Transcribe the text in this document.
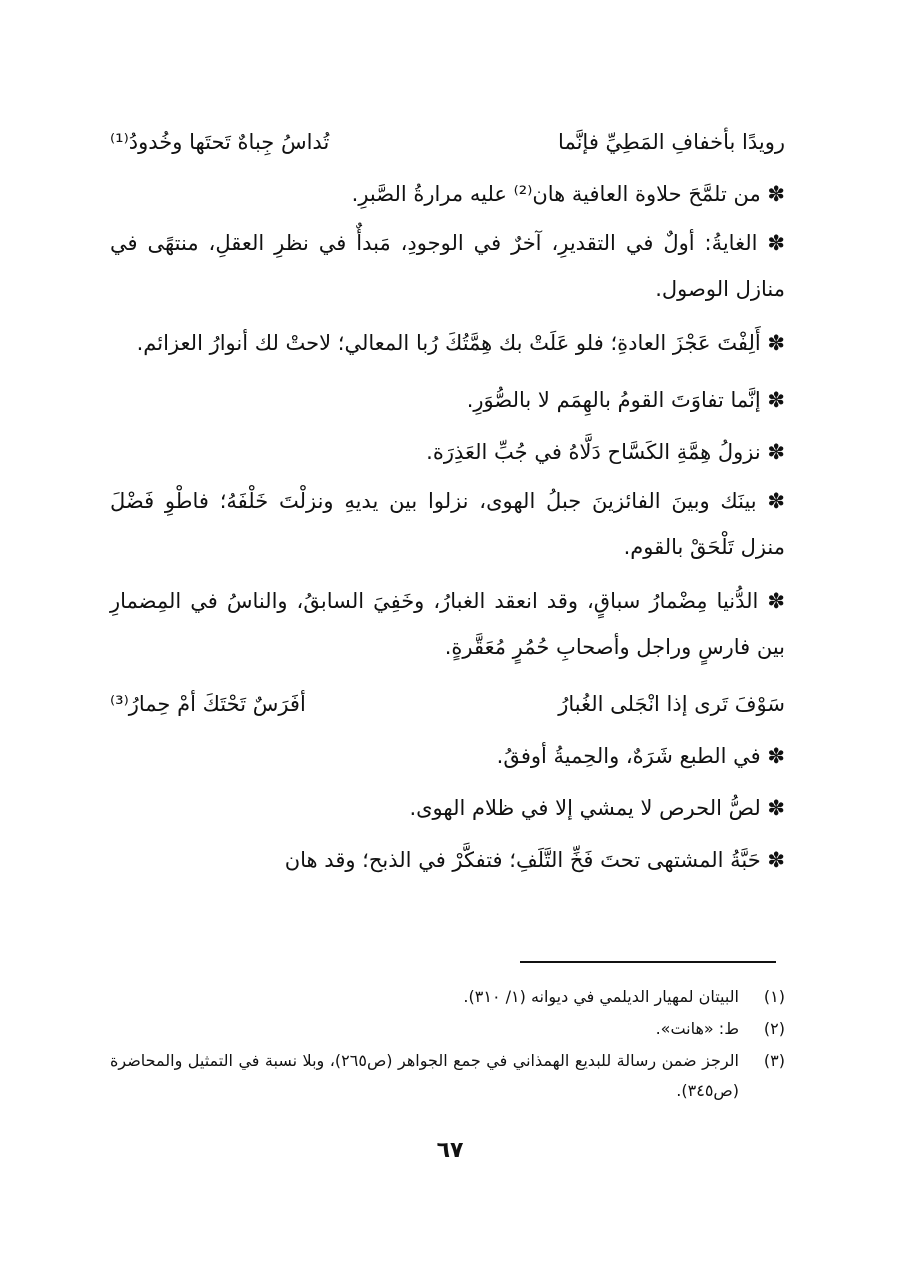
رويدًا بأخفافِ المَطِيِّ فإنَّما
تُداسُ جِباهٌ تَحتَها وخُدودُ⁽¹⁾
✽ من تلمَّحَ حلاوة العافية هان⁽²⁾ عليه مرارةُ الصَّبرِ.
✽ الغايةُ: أولٌ في التقديرِ، آخرٌ في الوجودِ، مَبدأٌ في نظرِ العقلِ، منتهًى في منازل الوصول.
✽ أَلِفْتَ عَجْزَ العادةِ؛ فلو عَلَتْ بك هِمَّتُكَ رُبا المعالي؛ لاحتْ لك أنوارُ العزائم.
✽ إنَّما تفاوَتَ القومُ بالهِمَم لا بالصُّوَرِ.
✽ نزولُ هِمَّةِ الكَسَّاح دَلَّاهُ في جُبِّ العَذِرَة.
✽ بينَك وبينَ الفائزينَ جبلُ الهوى، نزلوا بين يديهِ ونزلْتَ خَلْفَهُ؛ فاطْوِ فَضْلَ منزل تَلْحَقْ بالقوم.
✽ الدُّنيا مِضْمارُ سباقٍ، وقد انعقد الغبارُ، وخَفِيَ السابقُ، والناسُ في المِضمارِ بين فارسٍ وراجل وأصحابِ حُمُرٍ مُعَقَّرةٍ.
سَوْفَ تَرى إذا انْجَلى الغُبارُ
أفَرَسٌ تَحْتَكَ أمْ حِمارُ⁽³⁾
✽ في الطبع شَرَهٌ، والحِميةُ أوفقُ.
✽ لصُّ الحرص لا يمشي إلا في ظلام الهوى.
✽ حَبَّةُ المشتهى تحتَ فَخِّ التَّلَفِ؛ فتفكَّرْ في الذبح؛ وقد هان
(١)
البيتان لمهيار الديلمي في ديوانه (١/ ٣١٠).
(٢)
ط: «هانت».
(٣)
الرجز ضمن رسالة للبديع الهمذاني في جمع الجواهر (ص٢٦٥)، وبلا نسبة في التمثيل والمحاضرة (ص٣٤٥).
٦٧
